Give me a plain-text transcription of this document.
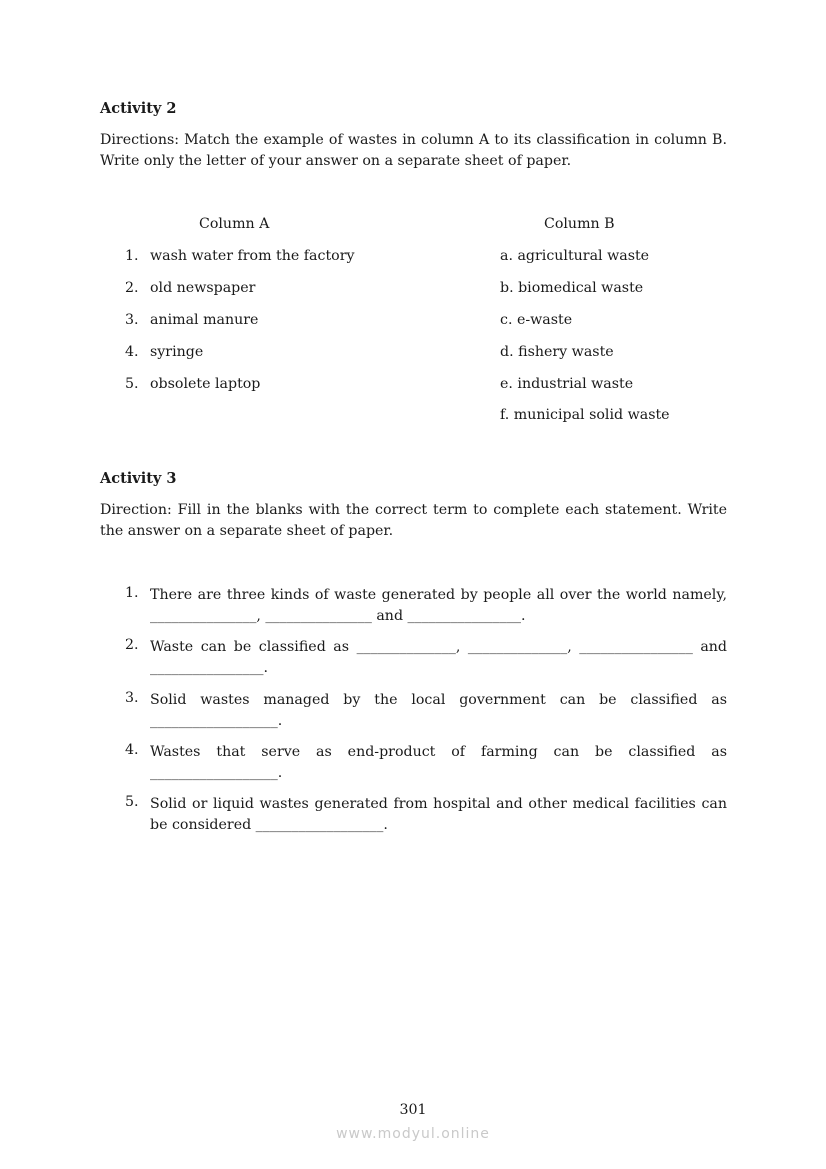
Activity 2
Directions: Match the example of wastes in column A to its classification in column B. Write only the letter of your answer on a separate sheet of paper.
Column A	Column B
1. wash water from the factory
2. old newspaper
3. animal manure
4. syringe
5. obsolete laptop
a. agricultural waste
b. biomedical waste
c. e-waste
d. fishery waste
e. industrial waste
f. municipal solid waste
Activity 3
Direction: Fill in the blanks with the correct term to complete each statement. Write the answer on a separate sheet of paper.
1. There are three kinds of waste generated by people all over the world namely, _______________, _______________ and ________________.
2. Waste can be classified as ______________, ______________, ________________ and ________________.
3. Solid wastes managed by the local government can be classified as __________________.
4. Wastes that serve as end-product of farming can be classified as __________________.
5. Solid or liquid wastes generated from hospital and other medical facilities can be considered __________________.
301
www.modyul.online
